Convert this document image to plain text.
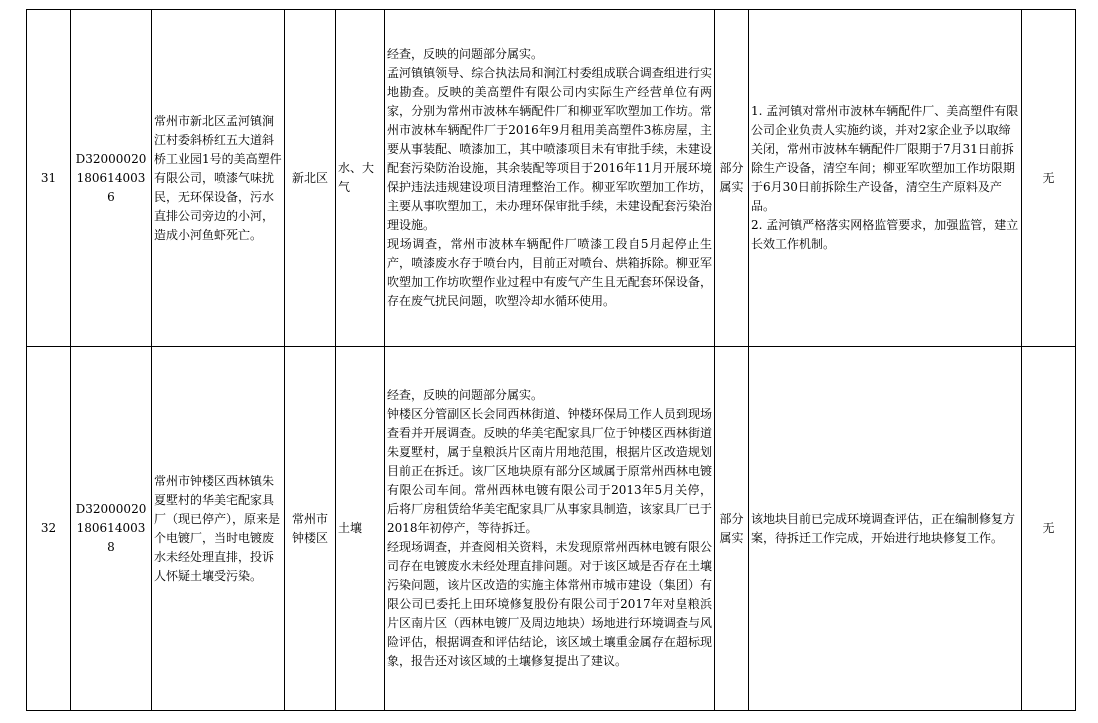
31	D320000201806140036	常州市新北区孟河镇涧江村委斜桥红五大道斜桥工业园1号的美高塑件有限公司，喷漆气味扰民，无环保设备，污水直排公司旁边的小河，造成小河鱼虾死亡。	新北区	水、大气	经查，反映的问题部分属实。
孟河镇镇领导、综合执法局和涧江村委组成联合调查组进行实地勘查。反映的美高塑件有限公司内实际生产经营单位有两家，分别为常州市波林车辆配件厂和柳亚军吹塑加工作坊。常州市波林车辆配件厂于2016年9月租用美高塑件3栋房屋，主要从事装配、喷漆加工，其中喷漆项目未有审批手续，未建设配套污染防治设施，其余装配等项目于2016年11月开展环境保护违法违规建设项目清理整治工作。柳亚军吹塑加工作坊，主要从事吹塑加工，未办理环保审批手续，未建设配套污染治理设施。
现场调查，常州市波林车辆配件厂喷漆工段自5月起停止生产，喷漆废水存于喷台内，目前正对喷台、烘箱拆除。柳亚军吹塑加工作坊吹塑作业过程中有废气产生且无配套环保设备，存在废气扰民问题，吹塑冷却水循环使用。	部分属实	1. 孟河镇对常州市波林车辆配件厂、美高塑件有限公司企业负责人实施约谈，并对2家企业予以取缔关闭，常州市波林车辆配件厂限期于7月31日前拆除生产设备，清空车间；柳亚军吹塑加工作坊限期于6月30日前拆除生产设备，清空生产原料及产品。
2. 孟河镇严格落实网格监管要求，加强监管，建立长效工作机制。	无
32	D320000201806140038	常州市钟楼区西林镇朱夏墅村的华美宅配家具厂（现已停产），原来是个电镀厂，当时电镀废水未经处理直排，投诉人怀疑土壤受污染。	常州市钟楼区	土壤	经查，反映的问题部分属实。
钟楼区分管副区长会同西林街道、钟楼环保局工作人员到现场查看并开展调查。反映的华美宅配家具厂位于钟楼区西林街道朱夏墅村，属于皇粮浜片区南片用地范围，根据片区改造规划目前正在拆迁。该厂区地块原有部分区域属于原常州西林电镀有限公司车间。常州西林电镀有限公司于2013年5月关停，后将厂房租赁给华美宅配家具厂从事家具制造，该家具厂已于2018年初停产，等待拆迁。
经现场调查，并查阅相关资料，未发现原常州西林电镀有限公司存在电镀废水未经处理直排问题。对于该区域是否存在土壤污染问题，该片区改造的实施主体常州市城市建设（集团）有限公司已委托上田环境修复股份有限公司于2017年对皇粮浜片区南片区（西林电镀厂及周边地块）场地进行环境调查与风险评估，根据调查和评估结论，该区域土壤重金属存在超标现象，报告还对该区域的土壤修复提出了建议。	部分属实	该地块目前已完成环境调查评估，正在编制修复方案，待拆迁工作完成，开始进行地块修复工作。	无
